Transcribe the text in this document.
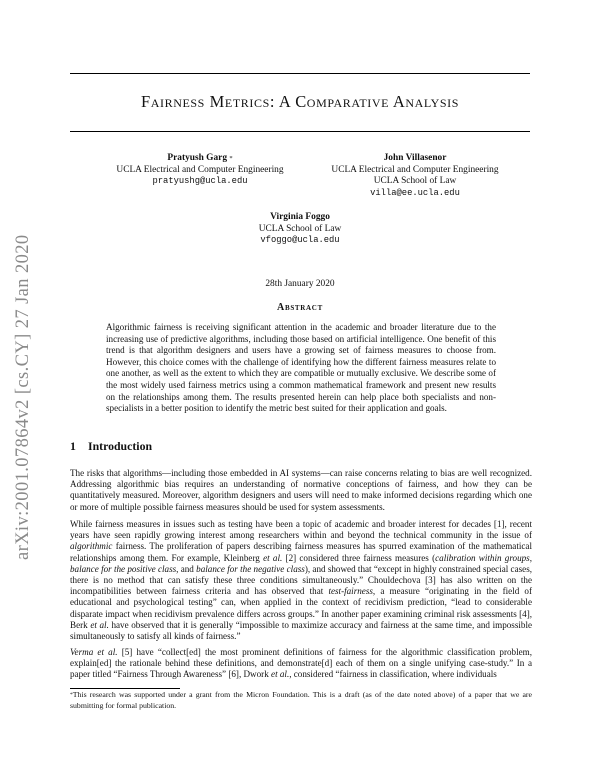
arXiv:2001.07864v2 [cs.CY] 27 Jan 2020
Fairness Metrics: A Comparative Analysis
Pratyush Garg *
UCLA Electrical and Computer Engineering
pratyushg@ucla.edu
John Villasenor
UCLA Electrical and Computer Engineering
UCLA School of Law
villa@ee.ucla.edu
Virginia Foggo
UCLA School of Law
vfoggo@ucla.edu
28th January 2020
Abstract
Algorithmic fairness is receiving significant attention in the academic and broader literature due to the increasing use of predictive algorithms, including those based on artificial intelligence. One benefit of this trend is that algorithm designers and users have a growing set of fairness measures to choose from. However, this choice comes with the challenge of identifying how the different fairness measures relate to one another, as well as the extent to which they are compatible or mutually exclusive. We describe some of the most widely used fairness metrics using a common mathematical framework and present new results on the relationships among them. The results presented herein can help place both specialists and non-specialists in a better position to identify the metric best suited for their application and goals.
1 Introduction
The risks that algorithms—including those embedded in AI systems—can raise concerns relating to bias are well recognized. Addressing algorithmic bias requires an understanding of normative conceptions of fairness, and how they can be quantitatively measured. Moreover, algorithm designers and users will need to make informed decisions regarding which one or more of multiple possible fairness measures should be used for system assessments.
While fairness measures in issues such as testing have been a topic of academic and broader interest for decades [1], recent years have seen rapidly growing interest among researchers within and beyond the technical community in the issue of algorithmic fairness. The proliferation of papers describing fairness measures has spurred examination of the mathematical relationships among them. For example, Kleinberg et al. [2] considered three fairness measures (calibration within groups, balance for the positive class, and balance for the negative class), and showed that “except in highly constrained special cases, there is no method that can satisfy these three conditions simultaneously.” Chouldechova [3] has also written on the incompatibilities between fairness criteria and has observed that test-fairness, a measure “originating in the field of educational and psychological testing” can, when applied in the context of recidivism prediction, “lead to considerable disparate impact when recidivism prevalence differs across groups.” In another paper examining criminal risk assessments [4], Berk et al. have observed that it is generally “impossible to maximize accuracy and fairness at the same time, and impossible simultaneously to satisfy all kinds of fairness.”
Verma et al. [5] have “collect[ed] the most prominent definitions of fairness for the algorithmic classification problem, explain[ed] the rationale behind these definitions, and demonstrate[d] each of them on a single unifying case-study.” In a paper titled “Fairness Through Awareness” [6], Dwork et al., considered “fairness in classification, where individuals
*This research was supported under a grant from the Micron Foundation. This is a draft (as of the date noted above) of a paper that we are submitting for formal publication.
